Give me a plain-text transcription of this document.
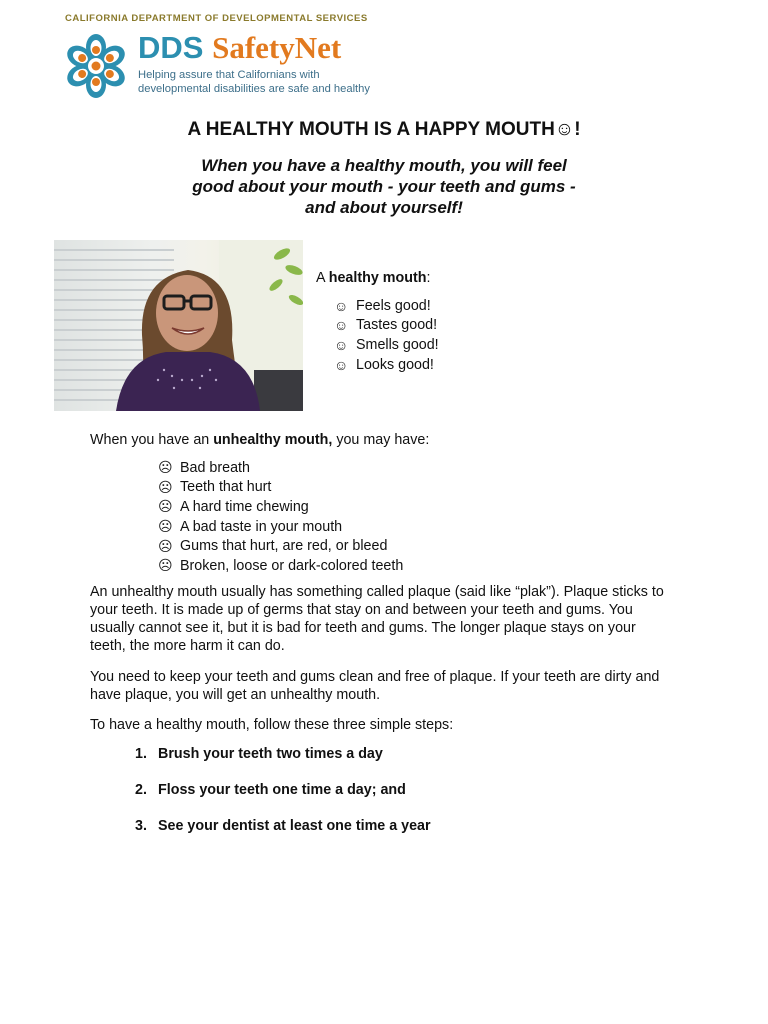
CALIFORNIA DEPARTMENT OF DEVELOPMENTAL SERVICES
DDS SafetyNet
Helping assure that Californians with
developmental disabilities are safe and healthy
A HEALTHY MOUTH IS A HAPPY MOUTH☺!
When you have a healthy mouth, you will feel
good about your mouth - your teeth and gums -
and about yourself!
A healthy mouth:
☺ Feels good!
☺ Tastes good!
☺ Smells good!
☺ Looks good!
When you have an unhealthy mouth, you may have:
☹ Bad breath
☹ Teeth that hurt
☹ A hard time chewing
☹ A bad taste in your mouth
☹ Gums that hurt, are red, or bleed
☹ Broken, loose or dark-colored teeth
An unhealthy mouth usually has something called plaque (said like “plak”). Plaque sticks to your teeth. It is made up of germs that stay on and between your teeth and gums. You usually cannot see it, but it is bad for teeth and gums. The longer plaque stays on your teeth, the more harm it can do.
You need to keep your teeth and gums clean and free of plaque. If your teeth are dirty and have plaque, you will get an unhealthy mouth.
To have a healthy mouth, follow these three simple steps:
1. Brush your teeth two times a day
2. Floss your teeth one time a day; and
3. See your dentist at least one time a year
